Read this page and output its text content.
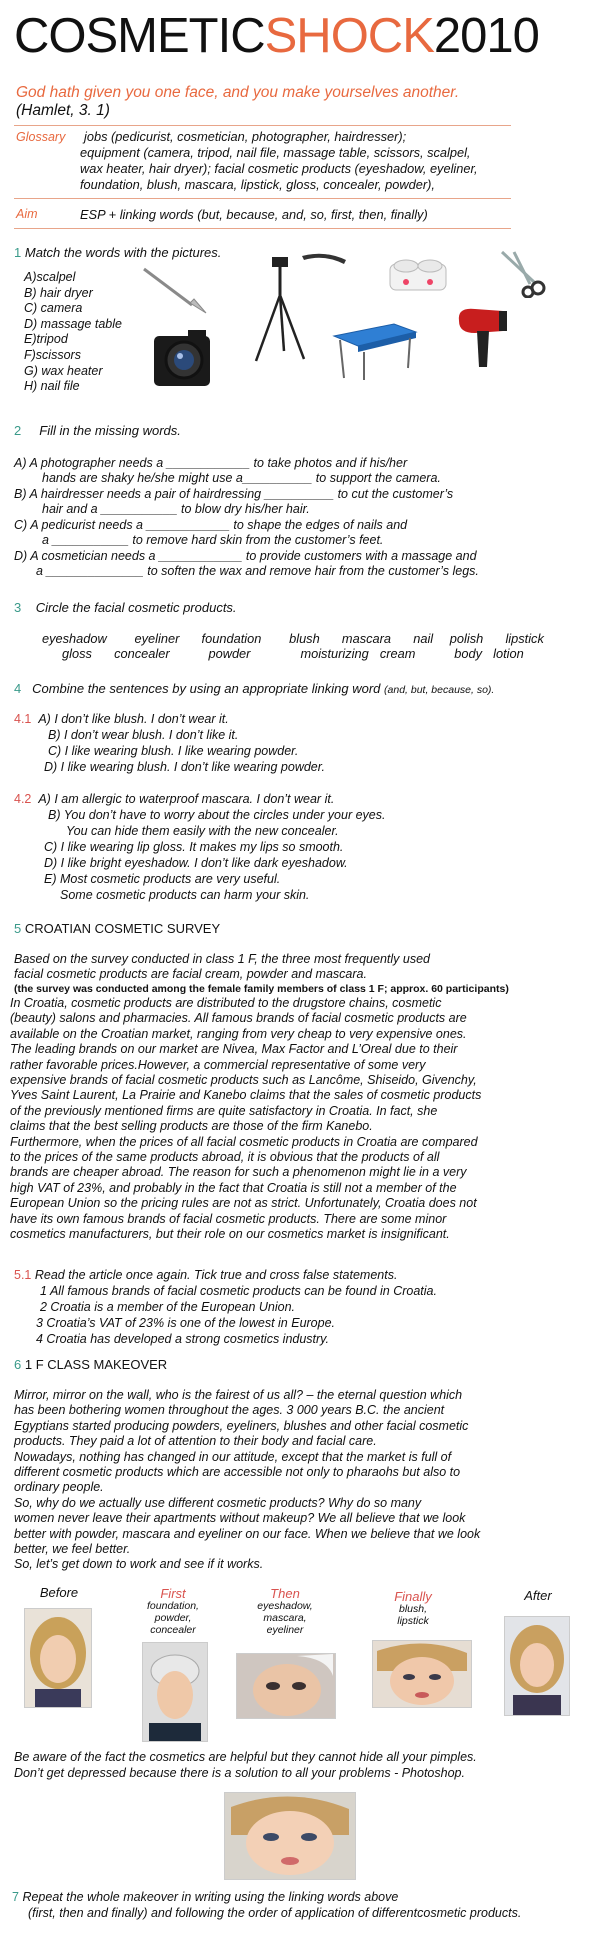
COSMETICSHOCK2010
God hath given you one face, and you make yourselves another.
(Hamlet, 3. 1)
Glossary jobs (pedicurist, cosmetician, photographer, hairdresser);
equipment (camera, tripod, nail file, massage table, scissors, scalpel,
wax heater, hair dryer); facial cosmetic products (eyeshadow, eyeliner,
foundation, blush, mascara, lipstick, gloss, concealer, powder),
Aim	ESP + linking words (but, because, and, so, first, then, finally)
1 Match the words with the pictures.
A)scalpel
B) hair dryer
C) camera
D) massage table
E)tripod
F)scissors
G) wax heater
H) nail file
2 Fill in the missing words.
A) A photographer needs a ____________ to take photos and if his/her
hands are shaky he/she might use a__________ to support the camera.
B) A hairdresser needs a pair of hairdressing __________ to cut the customer’s
hair and a ___________ to blow dry his/her hair.
C) A pedicurist needs a ____________ to shape the edges of nails and
a ___________ to remove hard skin from the customer’s feet.
D) A cosmetician needs a ____________ to provide customers with a massage and
a ______________ to soften the wax and remove hair from the customer’s legs.
3 Circle the facial cosmetic products.
eyeshadow     eyeliner    foundation     blush    mascara    nail   polish    lipstick
gloss    concealer       powder         moisturizing  cream       body  lotion
4 Combine the sentences by using an appropriate linking word (and, but, because, so).
4.1 A) I don’t like blush. I don’t wear it.
B) I don’t wear blush. I don’t like it.
C) I like wearing blush. I like wearing powder.
D) I like wearing blush. I don’t like wearing powder.
4.2 A) I am allergic to waterproof mascara. I don’t wear it.
B) You don’t have to worry about the circles under your eyes.
You can hide them easily with the new concealer.
C) I like wearing lip gloss. It makes my lips so smooth.
D) I like bright eyeshadow. I don’t like dark eyeshadow.
E) Most cosmetic products are very useful.
Some cosmetic products can harm your skin.
5 CROATIAN COSMETIC SURVEY
Based on the survey conducted in class 1 F, the three most frequently used
facial cosmetic products are facial cream, powder and mascara.
(the survey was conducted among the female family members of class 1 F; approx. 60 participants)
In Croatia, cosmetic products are distributed to the drugstore chains, cosmetic
(beauty) salons and pharmacies. All famous brands of facial cosmetic products are
available on the Croatian market, ranging from very cheap to very expensive ones.
The leading brands on our market are Nivea, Max Factor and L’Oreal due to their
rather favorable prices.However, a commercial representative of some very
expensive brands of facial cosmetic products such as Lancôme, Shiseido, Givenchy,
Yves Saint Laurent, La Prairie and Kanebo claims that the sales of cosmetic products
of the previously mentioned firms are quite satisfactory in Croatia. In fact, she
claims that the best selling products are those of the firm Kanebo.
Furthermore, when the prices of all facial cosmetic products in Croatia are compared
to the prices of the same products abroad, it is obvious that the products of all
brands are cheaper abroad. The reason for such a phenomenon might lie in a very
high VAT of 23%, and probably in the fact that Croatia is still not a member of the
European Union so the pricing rules are not as strict. Unfortunately, Croatia does not
have its own famous brands of facial cosmetic products. There are some minor
cosmetics manufacturers, but their role on our cosmetics market is insignificant.
5.1 Read the article once again. Tick true and cross false statements.
1 All famous brands of facial cosmetic products can be found in Croatia.
2 Croatia is a member of the European Union.
3 Croatia’s VAT of 23% is one of the lowest in Europe.
4 Croatia has developed a strong cosmetics industry.
6 1 F CLASS MAKEOVER
Mirror, mirror on the wall, who is the fairest of us all? – the eternal question which
has been bothering women throughout the ages. 3 000 years B.C. the ancient
Egyptians started producing powders, eyeliners, blushes and other facial cosmetic
products. They paid a lot of attention to their body and facial care.
Nowadays, nothing has changed in our attitude, except that the market is full of
different cosmetic products which are accessible not only to pharaohs but also to
ordinary people.
So, why do we actually use different cosmetic products? Why do so many
women never leave their apartments without makeup? We all believe that we look
better with powder, mascara and eyeliner on our face. When we believe that we look
better, we feel better.
So, let’s get down to work and see if it works.
Before	First
foundation,
powder,
concealer
Then
eyeshadow,
mascara,
eyeliner
Finally
blush,
lipstick
After
Be aware of the fact the cosmetics are helpful but they cannot hide all your pimples.
Don’t get depressed because there is a solution to all your problems - Photoshop.
7 Repeat the whole makeover in writing using the linking words above
(first, then and finally) and following the order of application of differentcosmetic products.
